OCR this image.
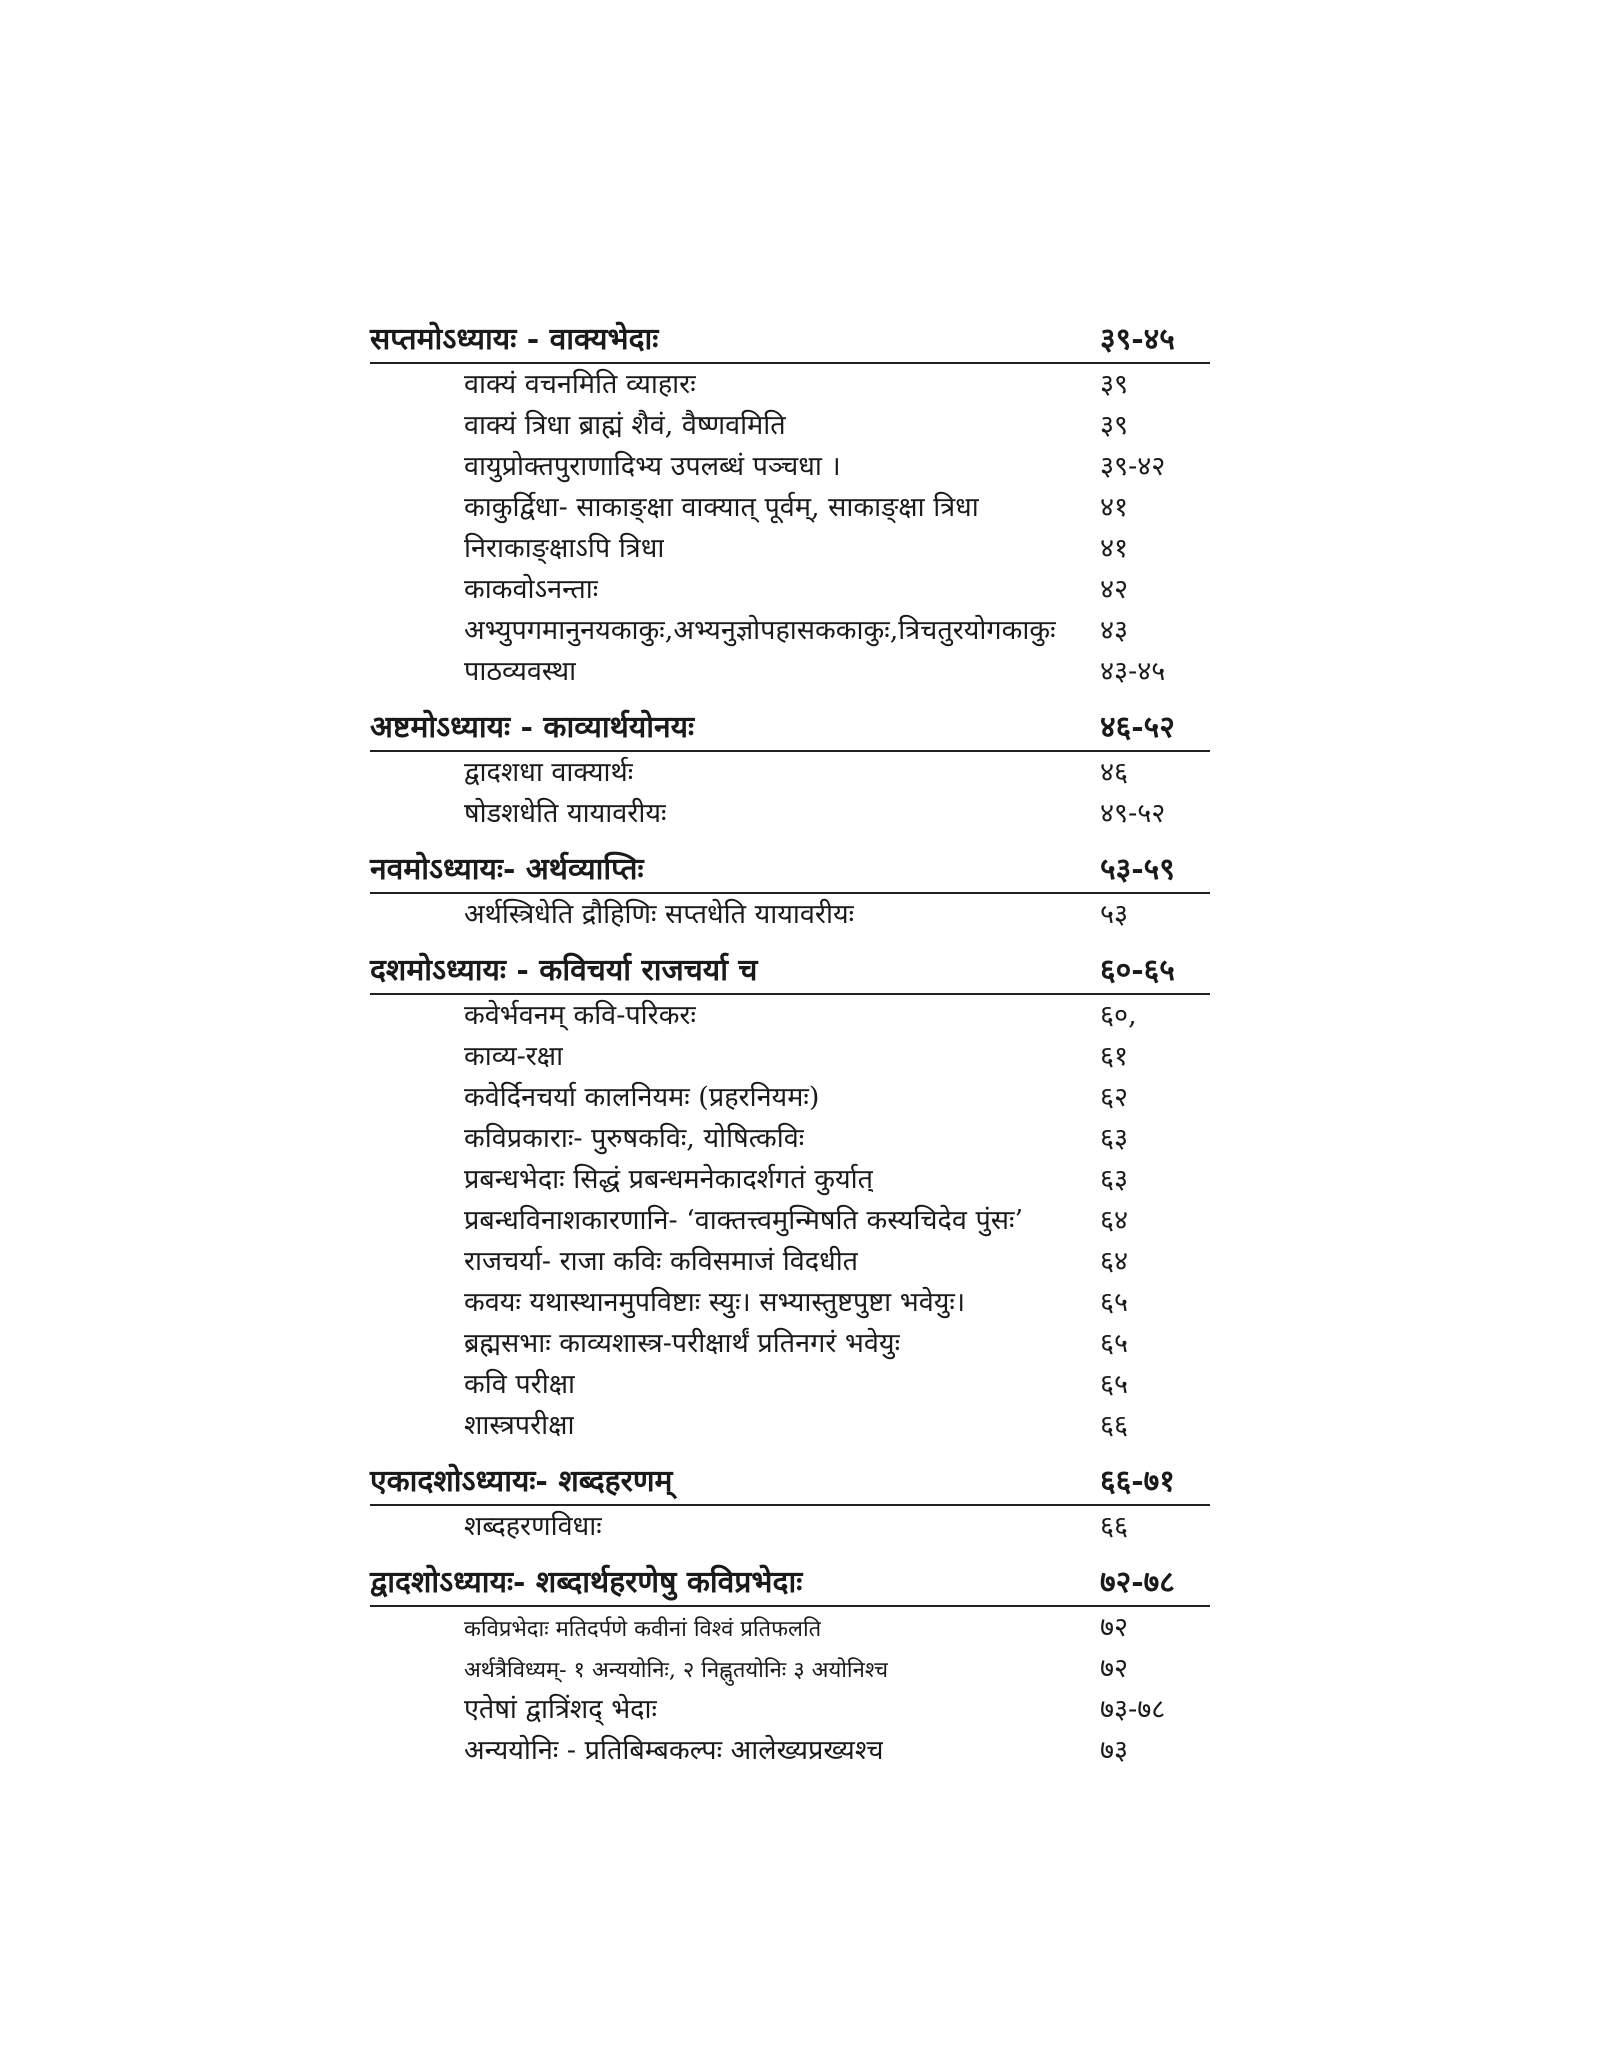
सप्तमोऽध्यायः - वाक्यभेदाः	३९-४५
वाक्यं वचनमिति व्याहारः	३९
वाक्यं त्रिधा ब्राह्मं शैवं, वैष्णवमिति	३९
वायुप्रोक्तपुराणादिभ्य उपलब्धं पञ्चधा ।	३९-४२
काकुर्द्विधा- साकाङ्क्षा वाक्यात् पूर्वम्, साकाङ्क्षा त्रिधा	४१
निराकाङ्क्षाऽपि त्रिधा	४१
काकवोऽनन्ताः	४२
अभ्युपगमानुनयकाकुः,अभ्यनुज्ञोपहासककाकुः,त्रिचतुरयोगकाकुः ४३
पाठव्यवस्था	४३-४५
अष्टमोऽध्यायः - काव्यार्थयोनयः	४६-५२
द्वादशधा वाक्यार्थः	४६
षोडशधेति यायावरीयः	४९-५२
नवमोऽध्यायः- अर्थव्याप्तिः	५३-५९
अर्थस्त्रिधेति द्रौहिणिः सप्तधेति यायावरीयः	५३
दशमोऽध्यायः - कविचर्या राजचर्या च	६०-६५
कवेर्भवनम् कवि-परिकरः	६०,
काव्य-रक्षा	६१
कवेर्दिनचर्या कालनियमः (प्रहरनियमः)	६२
कविप्रकाराः- पुरुषकविः, योषित्कविः	६३
प्रबन्धभेदाः सिद्धं प्रबन्धमनेकादर्शगतं कुर्यात्	६३
प्रबन्धविनाशकारणानि- ‘वाक्तत्त्वमुन्मिषति कस्यचिदेव पुंसः’	६४
राजचर्या- राजा कविः कविसमाजं विदधीत	६४
कवयः यथास्थानमुपविष्टाः स्युः। सभ्यास्तुष्टपुष्टा भवेयुः।	६५
ब्रह्मसभाः काव्यशास्त्र-परीक्षार्थं प्रतिनगरं भवेयुः	६५
कवि परीक्षा	६५
शास्त्रपरीक्षा	६६
एकादशोऽध्यायः- शब्दहरणम्	६६-७१
शब्दहरणविधाः	६६
द्वादशोऽध्यायः- शब्दार्थहरणेषु कविप्रभेदाः	७२-७८
कविप्रभेदाः मतिदर्पणे कवीनां विश्वं प्रतिफलति	७२
अर्थत्रैविध्यम्- १ अन्ययोनिः, २ निह्नुतयोनिः ३ अयोनिश्च	७२
एतेषां द्वात्रिंशद् भेदाः	७३-७८
अन्ययोनिः - प्रतिबिम्बकल्पः आलेख्यप्रख्यश्च	७३
